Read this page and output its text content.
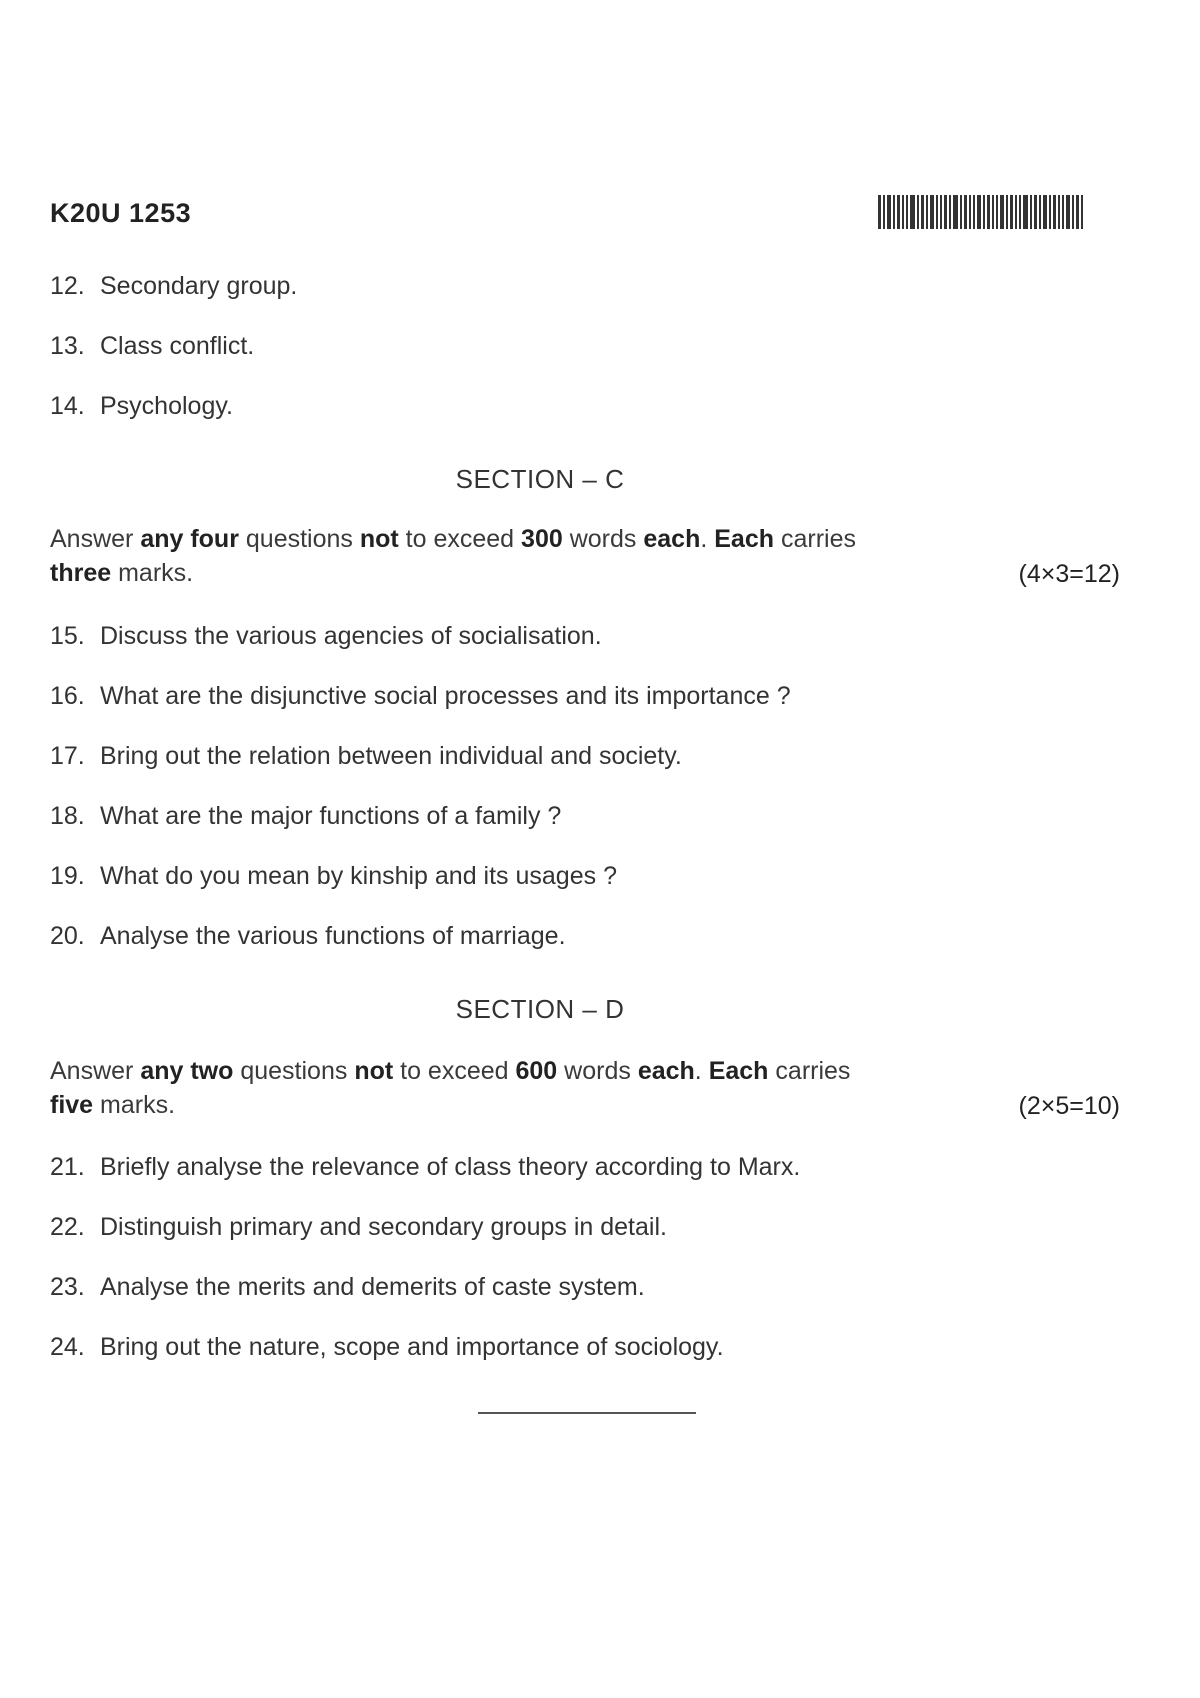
K20U 1253
12. Secondary group.
13. Class conflict.
14. Psychology.
SECTION – C
Answer any four questions not to exceed 300 words each. Each carries
three marks.	(4×3=12)
15. Discuss the various agencies of socialisation.
16. What are the disjunctive social processes and its importance ?
17. Bring out the relation between individual and society.
18. What are the major functions of a family ?
19. What do you mean by kinship and its usages ?
20. Analyse the various functions of marriage.
SECTION – D
Answer any two questions not to exceed 600 words each. Each carries
five marks.	(2×5=10)
21. Briefly analyse the relevance of class theory according to Marx.
22. Distinguish primary and secondary groups in detail.
23. Analyse the merits and demerits of caste system.
24. Bring out the nature, scope and importance of sociology.
